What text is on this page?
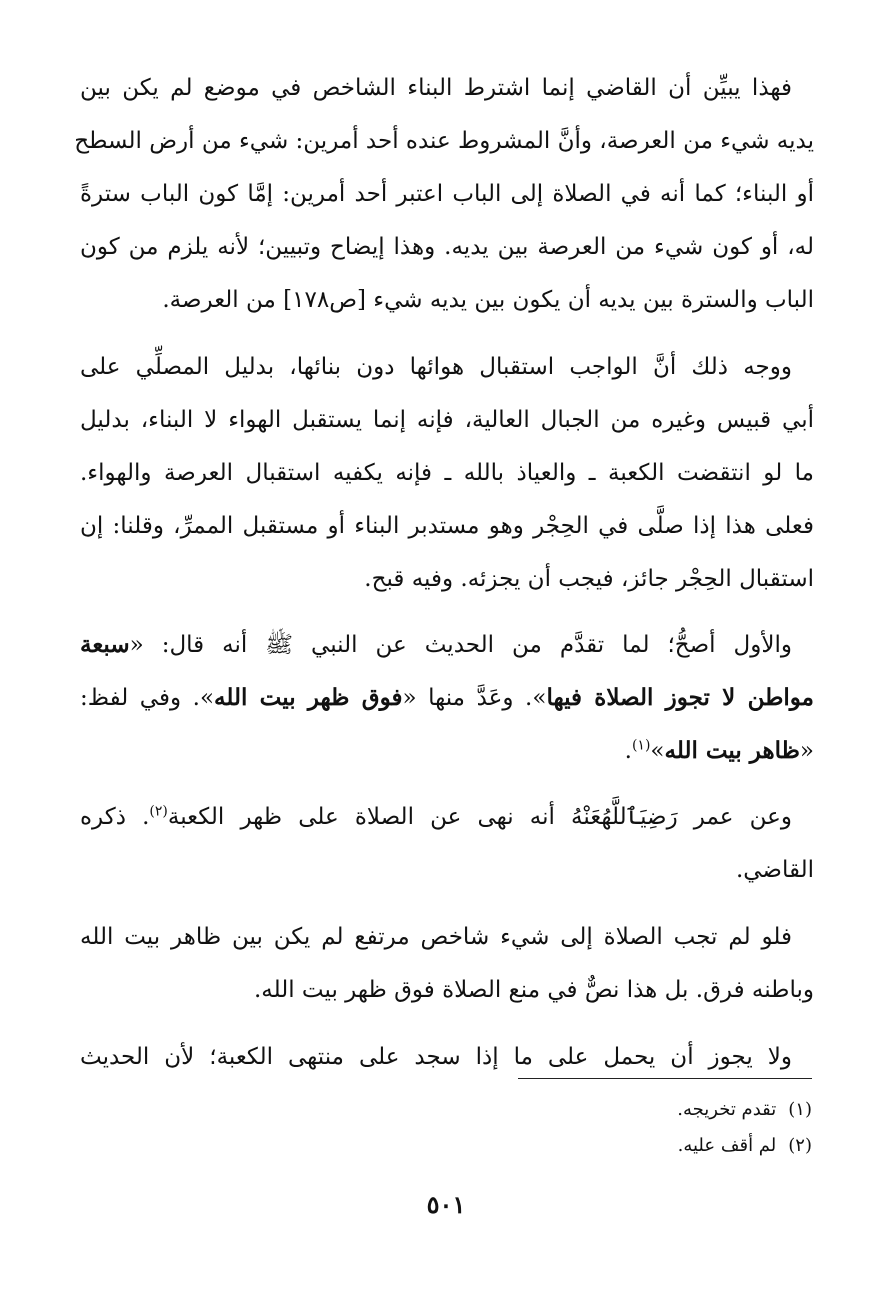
فهذا يبيِّن أن القاضي إنما اشترط البناء الشاخص في موضع لم يكن بين
يديه شيء من العرصة، وأنَّ المشروط عنده أحد أمرين: شيء من أرض السطح
أو البناء؛ كما أنه في الصلاة إلى الباب اعتبر أحد أمرين: إمَّا كون الباب سترةً
له، أو كون شيء من العرصة بين يديه. وهذا إيضاح وتبيين؛ لأنه يلزم من كون
الباب والسترة بين يديه أن يكون بين يديه شيء [ص١٧٨] من العرصة.
ووجه ذلك أنَّ الواجب استقبال هوائها دون بنائها، بدليل المصلِّي على
أبي قبيس وغيره من الجبال العالية، فإنه إنما يستقبل الهواء لا البناء، بدليل
ما لو انتقضت الكعبة ـ والعياذ بالله ـ فإنه يكفيه استقبال العرصة والهواء.
فعلى هذا إذا صلَّى في الحِجْر وهو مستدبر البناء أو مستقبل الممرِّ، وقلنا: إن
استقبال الحِجْر جائز، فيجب أن يجزئه. وفيه قبح.
والأول أصحُّ؛ لما تقدَّم من الحديث عن النبي ﷺ أنه قال: «سبعة
مواطن لا تجوز الصلاة فيها». وعَدَّ منها «فوق ظهر بيت الله». وفي لفظ:
«ظاهر بيت الله»$^{(١)}$.
وعن عمر رَضِيَٱللَّهُعَنْهُ أنه نهى عن الصلاة على ظهر الكعبة$^{(٢)}$. ذكره
القاضي.
فلو لم تجب الصلاة إلى شيء شاخص مرتفع لم يكن بين ظاهر بيت الله
وباطنه فرق. بل هذا نصٌّ في منع الصلاة فوق ظهر بيت الله.
ولا يجوز أن يحمل على ما إذا سجد على منتهى الكعبة؛ لأن الحديث
(١)تقدم تخريجه.
(٢)لم أقف عليه.
٥٠١
